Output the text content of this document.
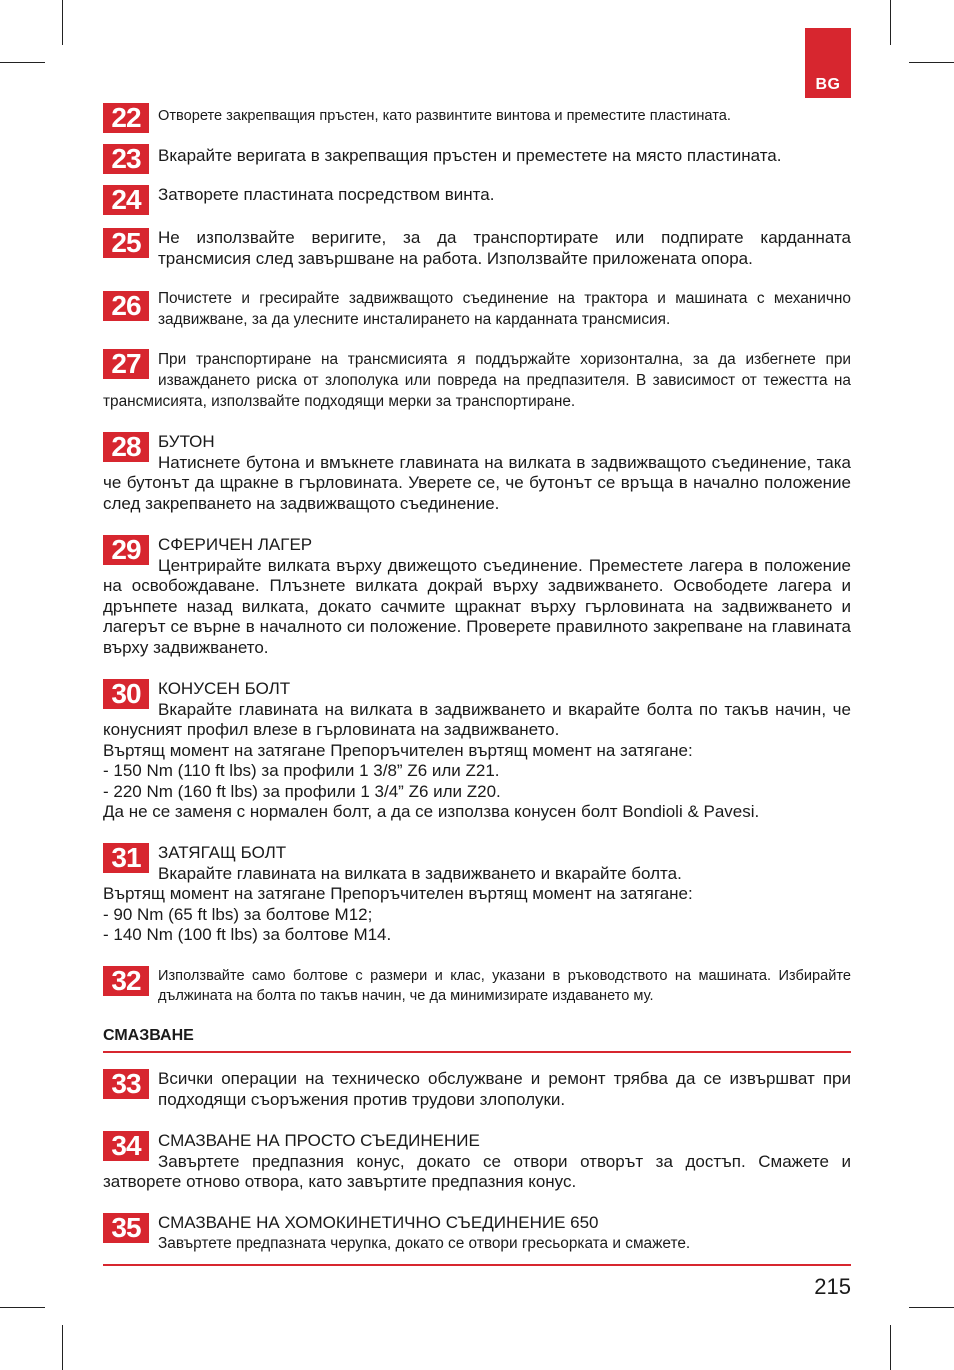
BG
22	Отворете закрепващия пръстен, като развинтите винтова и преместите пластината.
23	Вкарайте веригата в закрепващия пръстен и преместете на място пластината.
24	Затворете пластината посредством винта.
25	Не използвайте веригите, за да транспортирате или подпирате карданната трансмисия след завършване на работа. Използвайте приложената опора.
26	Почистете и гресирайте задвижващото съединение на трактора и машината с механично задвижване, за да улесните инсталирането на карданната трансмисия.
27	При транспортиране на трансмисията я поддържайте хоризонтална, за да избегнете при изваждането риска от злополука или повреда на предпазителя. В зависимост от тежестта на трансмисията, използвайте подходящи мерки за транспортиране.
28	БУТОН
Натиснете бутона и вмъкнете главината на вилката в задвижващото съединение, така че бутонът да щракне в гърловината. Уверете се, че бутонът се връща в начално положение след закрепването на задвижващото съединение.
29	СФЕРИЧЕН ЛАГЕР
Центрирайте вилката върху движещото съединение. Преместете лагера в положение на освобождаване. Плъзнете вилката докрай върху задвижването. Освободете лагера и дрънпете назад вилката, докато сачмите щракнат върху гърловината на задвижването и лагерът се върне в началното си положение. Проверете правилното закрепване на главината върху задвижването.
30	КОНУСЕН БОЛТ
Вкарайте главината на вилката в задвижването и вкарайте болта по такъв начин, че конусният профил влезе в гърловината на задвижването.
Въртящ момент на затягане Препоръчителен въртящ момент на затягане:
- 150 Nm (110 ft lbs) за профили 1 3/8” Z6 или Z21.
- 220 Nm (160 ft lbs) за профили 1 3/4” Z6 или Z20.
Да не се заменя с нормален болт, а да се използва конусен болт Bondioli & Pavesi.
31	ЗАТЯГАЩ БОЛТ
Вкарайте главината на вилката в задвижването и вкарайте болта.
Въртящ момент на затягане Препоръчителен въртящ момент на затягане:
- 90 Nm (65 ft lbs) за болтове M12;
- 140 Nm (100 ft lbs) за болтове M14.
32	Използвайте само болтове с размери и клас, указани в ръководството на машината. Избирайте дължината на болта по такъв начин, че да минимизирате издаването му.
СМАЗВАНЕ
33	Всички операции на техническо обслужване и ремонт трябва да се извършват при подходящи съоръжения против трудови злополуки.
34	СМАЗВАНЕ НА ПРОСТО СЪЕДИНЕНИЕ
Завъртете предпазния конус, докато се отвори отворът за достъп. Смажете и затворете отново отвора, като завъртите предпазния конус.
35	СМАЗВАНЕ НА ХОМОКИНЕТИЧНО СЪЕДИНЕНИЕ 650
Завъртете предпазната черупка, докато се отвори гресьорката и смажете.
215
